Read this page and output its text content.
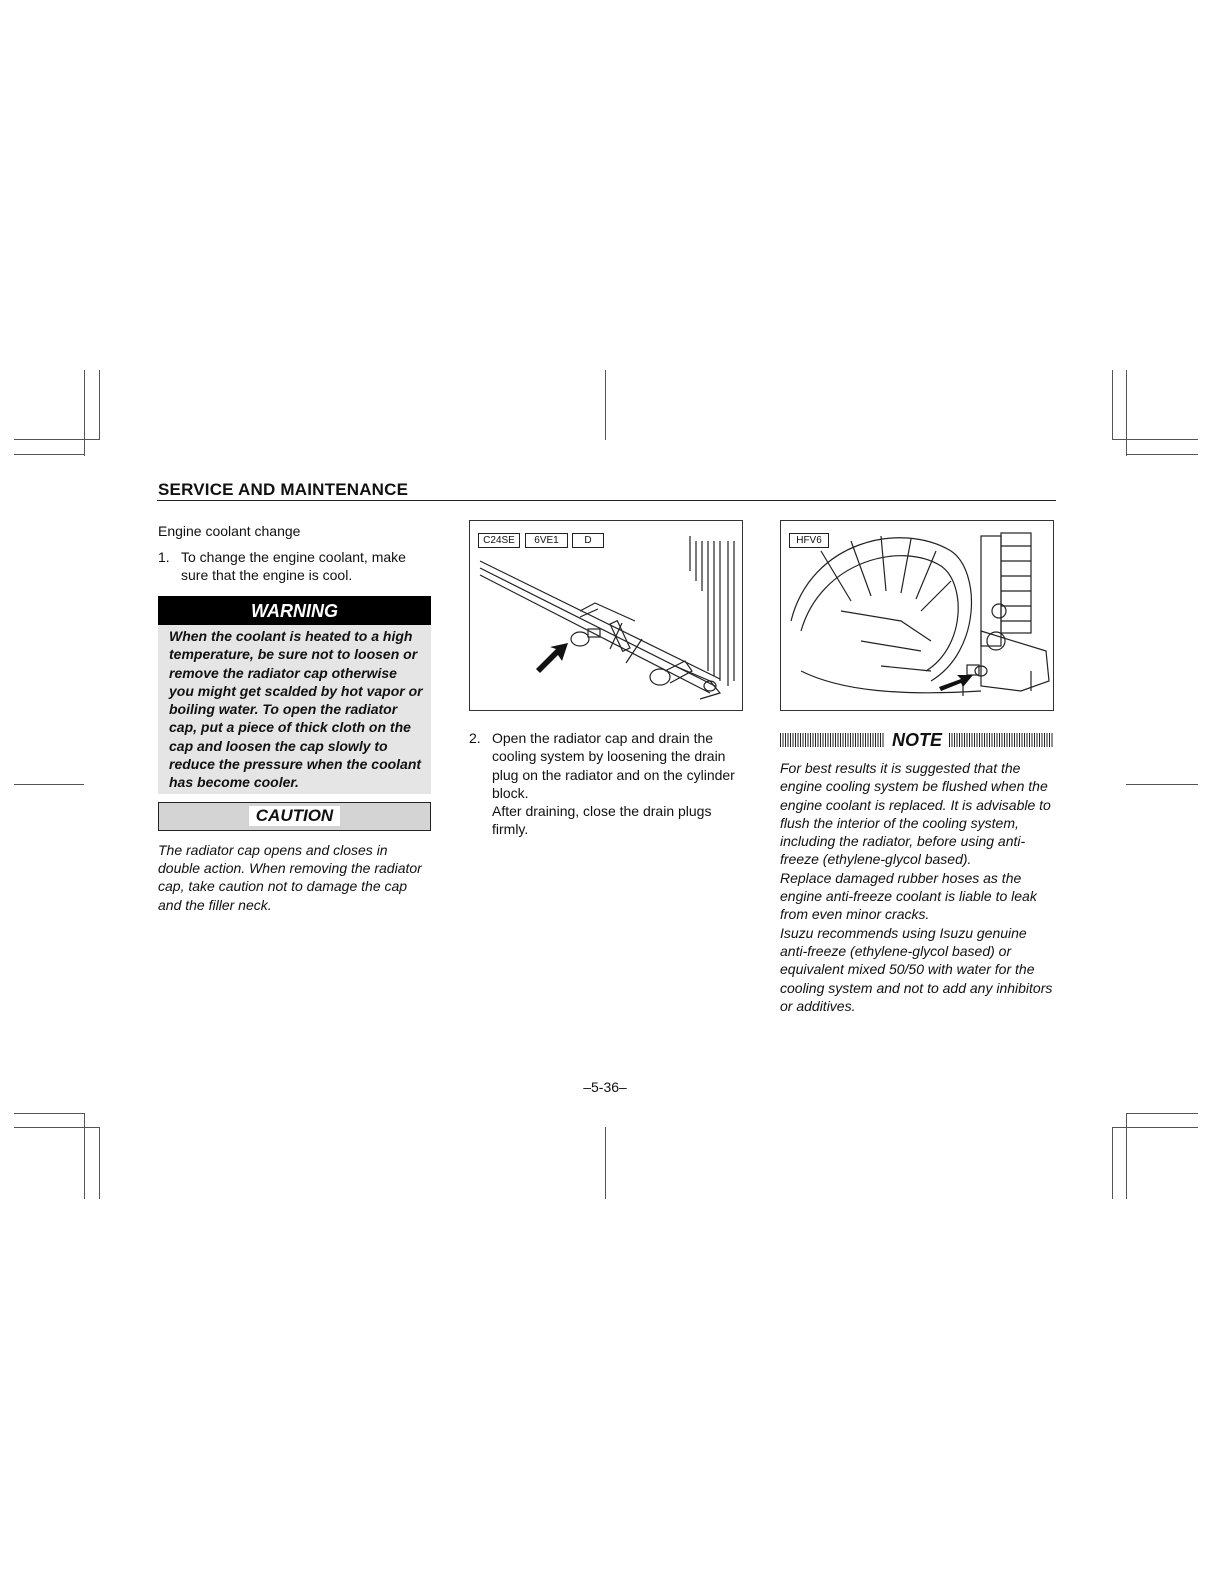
SERVICE AND MAINTENANCE

Engine coolant change

1. To change the engine coolant, make sure that the engine is cool.

WARNING
When the coolant is heated to a high temperature, be sure not to loosen or remove the radiator cap otherwise you might get scalded by hot vapor or boiling water. To open the radiator cap, put a piece of thick cloth on the cap and loosen the cap slowly to reduce the pressure when the coolant has become cooler.
CAUTION

The radiator cap opens and closes in double action. When removing the radiator cap, take caution not to damage the cap and the filler neck.

C24SE	6VE1	D	HFV6

2. Open the radiator cap and drain the cooling system by loosening the drain plug on the radiator and on the cylinder block.
After draining, close the drain plugs firmly.

NOTE

For best results it is suggested that the engine cooling system be flushed when the engine coolant is replaced. It is advisable to flush the interior of the cooling system, including the radiator, before using anti-freeze (ethylene-glycol based).

Replace damaged rubber hoses as the engine anti-freeze coolant is liable to leak from even minor cracks.

Isuzu recommends using Isuzu genuine anti-freeze (ethylene-glycol based) or equivalent mixed 50/50 with water for the cooling system and not to add any inhibitors or additives.

–5-36–
